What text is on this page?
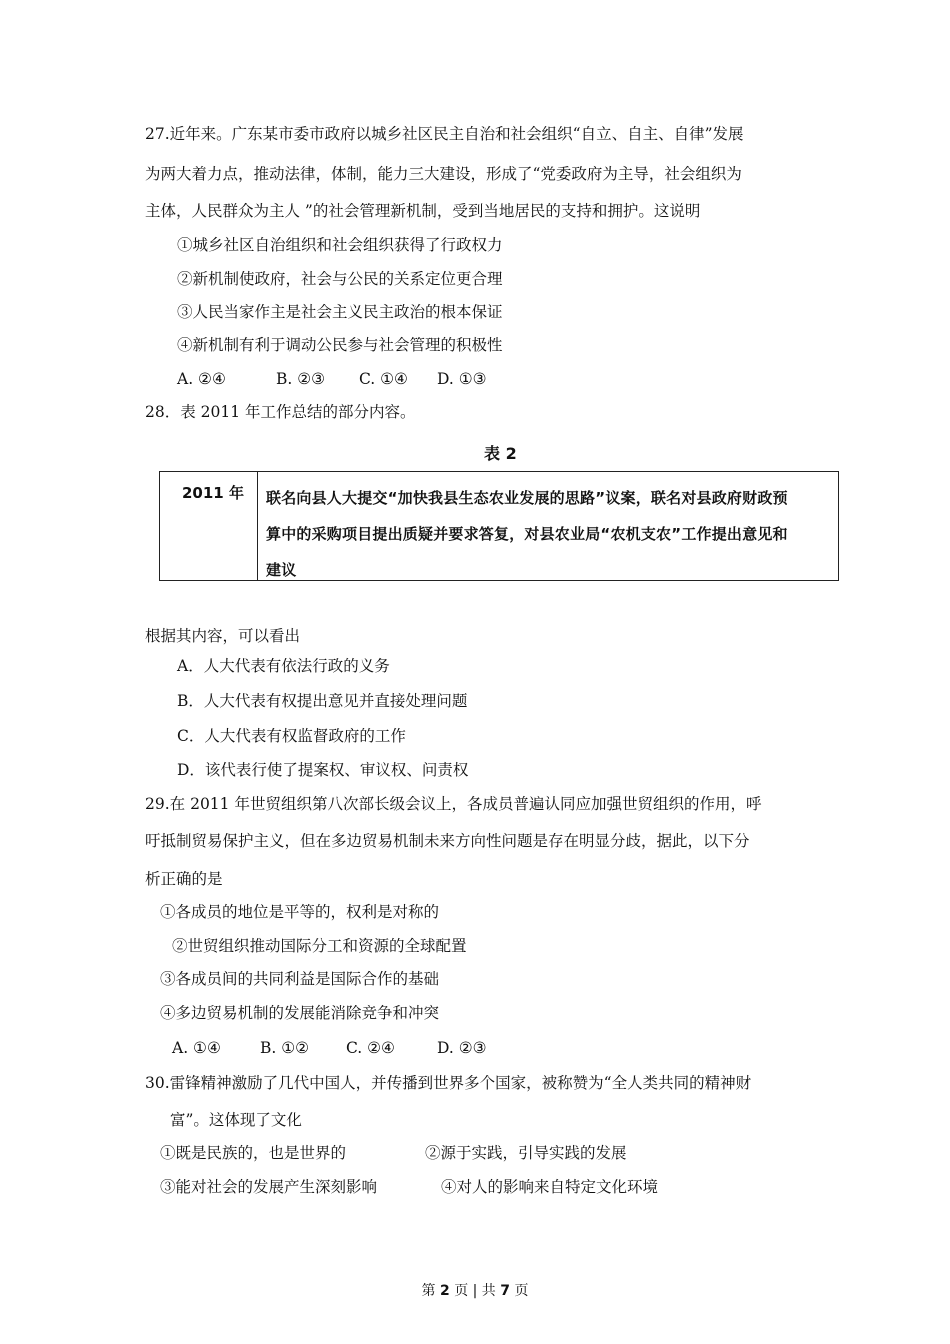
27.近年来。广东某市委市政府以城乡社区民主自治和社会组织“自立、自主、自律”发展
为两大着力点，推动法律，体制，能力三大建设，形成了“党委政府为主导，社会组织为
主体，人民群众为主人 ”的社会管理新机制，受到当地居民的支持和拥护。这说明
①城乡社区自治组织和社会组织获得了行政权力
②新机制使政府，社会与公民的关系定位更合理
③人民当家作主是社会主义民主政治的根本保证
④新机制有利于调动公民参与社会管理的积极性
A. ②④	B. ②③ C. ①④ D. ①③
28．表 2011 年工作总结的部分内容。
表 2
2011 年 联名向县人大提交“加快我县生态农业发展的思路”议案，联名对县政府财政预
算中的采购项目提出质疑并要求答复，对县农业局“农机支农”工作提出意见和
建议
根据其内容，可以看出
A．人大代表有依法行政的义务
B．人大代表有权提出意见并直接处理问题
C．人大代表有权监督政府的工作
D．该代表行使了提案权、审议权、问责权
29.在 2011 年世贸组织第八次部长级会议上，各成员普遍认同应加强世贸组织的作用，呼
吁抵制贸易保护主义，但在多边贸易机制未来方向性问题是存在明显分歧，据此，以下分
析正确的是
①各成员的地位是平等的，权利是对称的
②世贸组织推动国际分工和资源的全球配置
③各成员间的共同利益是国际合作的基础
④多边贸易机制的发展能消除竞争和冲突
A. ①④	B. ①② C. ②④	D. ②③
30.雷锋精神激励了几代中国人，并传播到世界多个国家，被称赞为“全人类共同的精神财
富”。这体现了文化
①既是民族的，也是世界的	②源于实践，引导实践的发展
③能对社会的发展产生深刻影响	④对人的影响来自特定文化环境
第 2 页 | 共 7 页
